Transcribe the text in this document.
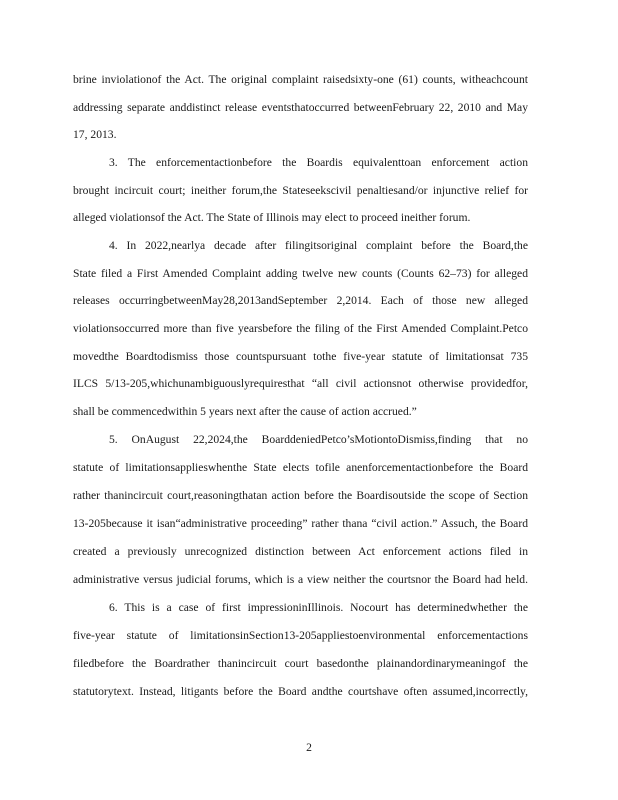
brine inviolationof the Act. The original complaint raisedsixty-one (61) counts, witheachcount
addressing separate anddistinct release eventsthatoccurred betweenFebruary 22, 2010 and May
17, 2013.
3. The enforcementactionbefore the Boardis equivalenttoan enforcement action
brought incircuit court; ineither forum,the Stateseekscivil penaltiesand/or injunctive relief for
alleged violationsof the Act. The State of Illinois may elect to proceed ineither forum.
4. In 2022,nearlya decade after filingitsoriginal complaint before the Board,the
State filed a First Amended Complaint adding twelve new counts (Counts 62–73) for alleged
releases occurringbetweenMay28,2013andSeptember 2,2014. Each of those new alleged
violationsoccurred more than five yearsbefore the filing of the First Amended Complaint.Petco
movedthe Boardtodismiss those countspursuant tothe five-year statute of limitationsat 735
ILCS 5/13-205,whichunambiguouslyrequiresthat “all civil actionsnot otherwise providedfor,
shall be commencedwithin 5 years next after the cause of action accrued.”
5. OnAugust 22,2024,the BoarddeniedPetco’sMotiontoDismiss,finding that no
statute of limitationsapplieswhenthe State elects tofile anenforcementactionbefore the Board
rather thanincircuit court,reasoningthatan action before the Boardisoutside the scope of Section
13-205because it isan“administrative proceeding” rather thana “civil action.” Assuch, the Board
created a previously unrecognized distinction between Act enforcement actions filed in
administrative versus judicial forums, which is a view neither the courtsnor the Board had held.
6. This is a case of first impressioninIllinois. Nocourt has determinedwhether the
five-year statute of limitationsinSection13-205appliestoenvironmental enforcementactions
filedbefore the Boardrather thanincircuit court basedonthe plainandordinarymeaningof the
statutorytext. Instead, litigants before the Board andthe courtshave often assumed,incorrectly,
2
